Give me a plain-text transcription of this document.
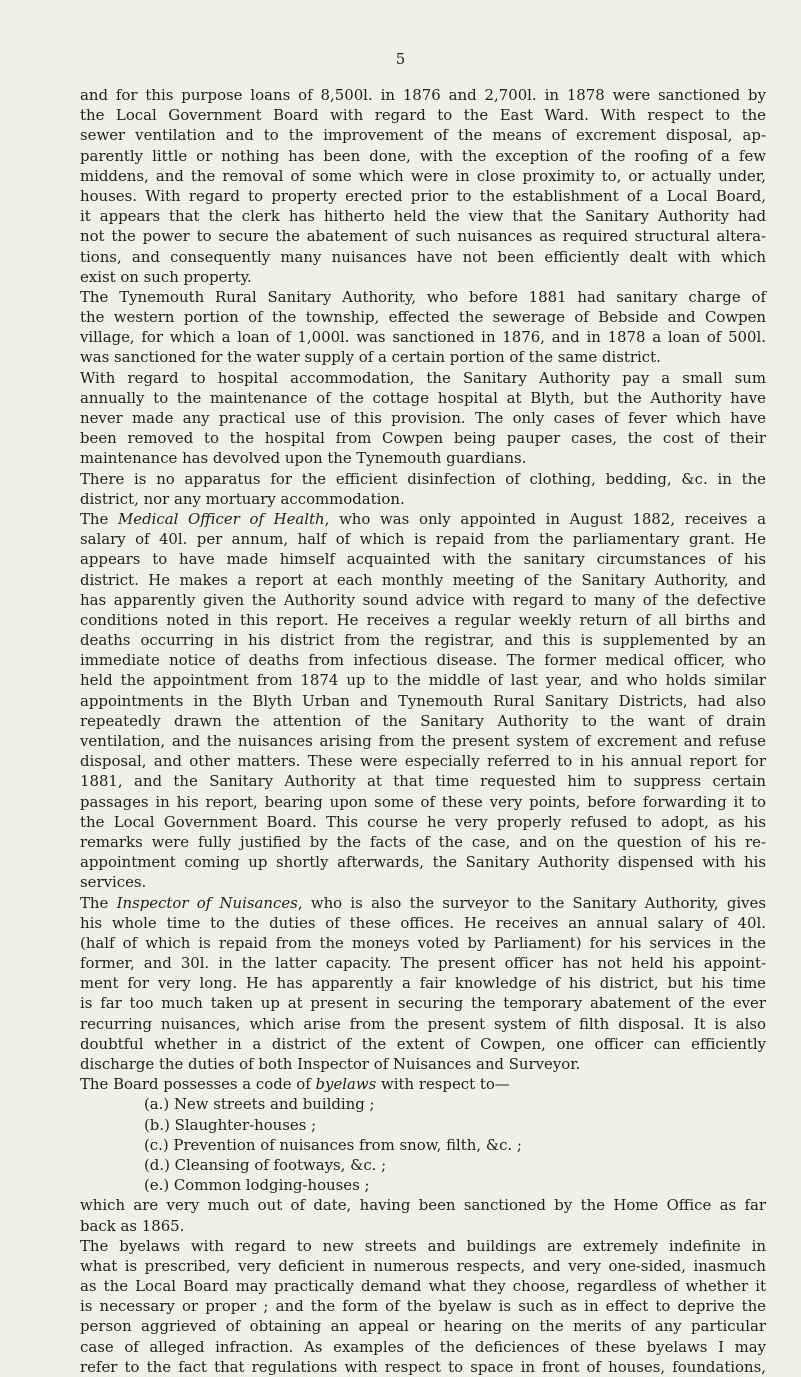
5
and for this purpose loans of 8,500l. in 1876 and 2,700l. in 1878 were sanctioned by
the Local Government Board with regard to the East Ward. With respect to the
sewer ventilation and to the improvement of the means of excrement disposal, ap-
parently little or nothing has been done, with the exception of the roofing of a few
middens, and the removal of some which were in close proximity to, or actually under,
houses. With regard to property erected prior to the establishment of a Local Board,
it appears that the clerk has hitherto held the view that the Sanitary Authority had
not the power to secure the abatement of such nuisances as required structural altera-
tions, and consequently many nuisances have not been efficiently dealt with which
exist on such property.
The Tynemouth Rural Sanitary Authority, who before 1881 had sanitary charge of
the western portion of the township, effected the sewerage of Bebside and Cowpen
village, for which a loan of 1,000l. was sanctioned in 1876, and in 1878 a loan of 500l.
was sanctioned for the water supply of a certain portion of the same district.
With regard to hospital accommodation, the Sanitary Authority pay a small sum
annually to the maintenance of the cottage hospital at Blyth, but the Authority have
never made any practical use of this provision. The only cases of fever which have
been removed to the hospital from Cowpen being pauper cases, the cost of their
maintenance has devolved upon the Tynemouth guardians.
There is no apparatus for the efficient disinfection of clothing, bedding, &c. in the
district, nor any mortuary accommodation.
The Medical Officer of Health, who was only appointed in August 1882, receives a
salary of 40l. per annum, half of which is repaid from the parliamentary grant. He
appears to have made himself acquainted with the sanitary circumstances of his
district. He makes a report at each monthly meeting of the Sanitary Authority, and
has apparently given the Authority sound advice with regard to many of the defective
conditions noted in this report. He receives a regular weekly return of all births and
deaths occurring in his district from the registrar, and this is supplemented by an
immediate notice of deaths from infectious disease. The former medical officer, who
held the appointment from 1874 up to the middle of last year, and who holds similar
appointments in the Blyth Urban and Tynemouth Rural Sanitary Districts, had also
repeatedly drawn the attention of the Sanitary Authority to the want of drain
ventilation, and the nuisances arising from the present system of excrement and refuse
disposal, and other matters. These were especially referred to in his annual report for
1881, and the Sanitary Authority at that time requested him to suppress certain
passages in his report, bearing upon some of these very points, before forwarding it to
the Local Government Board. This course he very properly refused to adopt, as his
remarks were fully justified by the facts of the case, and on the question of his re-
appointment coming up shortly afterwards, the Sanitary Authority dispensed with his
services.
The Inspector of Nuisances, who is also the surveyor to the Sanitary Authority, gives
his whole time to the duties of these offices. He receives an annual salary of 40l.
(half of which is repaid from the moneys voted by Parliament) for his services in the
former, and 30l. in the latter capacity. The present officer has not held his appoint-
ment for very long. He has apparently a fair knowledge of his district, but his time
is far too much taken up at present in securing the temporary abatement of the ever
recurring nuisances, which arise from the present system of filth disposal. It is also
doubtful whether in a district of the extent of Cowpen, one officer can efficiently
discharge the duties of both Inspector of Nuisances and Surveyor.
The Board possesses a code of byelaws with respect to—
(a.) New streets and building ;
(b.) Slaughter-houses ;
(c.) Prevention of nuisances from snow, filth, &c. ;
(d.) Cleansing of footways, &c. ;
(e.) Common lodging-houses ;
which are very much out of date, having been sanctioned by the Home Office as far
back as 1865.
The byelaws with regard to new streets and buildings are extremely indefinite in
what is prescribed, very deficient in numerous respects, and very one-sided, inasmuch
as the Local Board may practically demand what they choose, regardless of whether it
is necessary or proper ; and the form of the byelaw is such as in effect to deprive the
person aggrieved of obtaining an appeal or hearing on the merits of any particular
case of alleged infraction. As examples of the deficiences of these byelaws I may
refer to the fact that regulations with respect to space in front of houses, foundations,
